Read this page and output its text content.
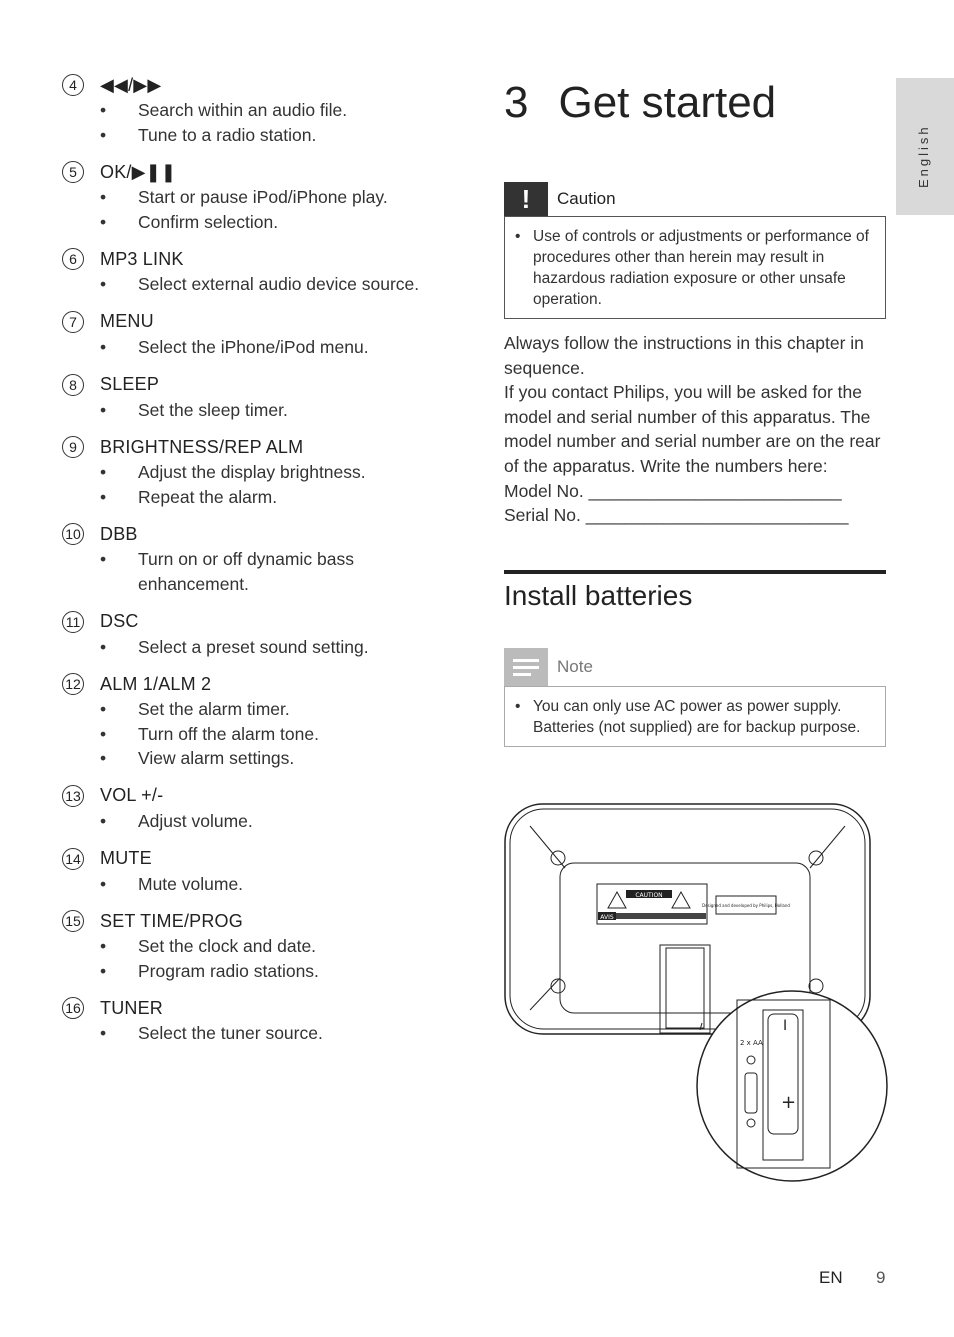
4	◀◀/▶▶
• Search within an audio file.
• Tune to a radio station.
5	OK/▶❚❚
• Start or pause iPod/iPhone play.
• Confirm selection.
6	MP3 LINK
• Select external audio device source.
7	MENU
• Select the iPhone/iPod menu.
8	SLEEP
• Set the sleep timer.
9	BRIGHTNESS/REP ALM
• Adjust the display brightness.
• Repeat the alarm.
10 DBB
• Turn on or off dynamic bass enhancement.
11 DSC
• Select a preset sound setting.
12 ALM 1/ALM 2
• Set the alarm timer.
• Turn off the alarm tone.
• View alarm settings.
13 VOL +/-
• Adjust volume.
14 MUTE
• Mute volume.
15 SET TIME/PROG
• Set the clock and date.
• Program radio stations.
16 TUNER
• Select the tuner source.
3 Get started
!	Caution
• Use of controls or adjustments or performance of procedures other than herein may result in hazardous radiation exposure or other unsafe operation.

Always follow the instructions in this chapter in sequence.

If you contact Philips, you will be asked for the model and serial number of this apparatus. The model number and serial number are on the rear of the apparatus. Write the numbers here:

Model No. __________________________

Serial No. ___________________________

Install batteries
Note
• You can only use AC power as power supply. Batteries (not supplied) are for backup purpose.
English
CAUTION
AVIS
Designed and developed by Philips, Holland
2 x AA
+
I
EN 9
